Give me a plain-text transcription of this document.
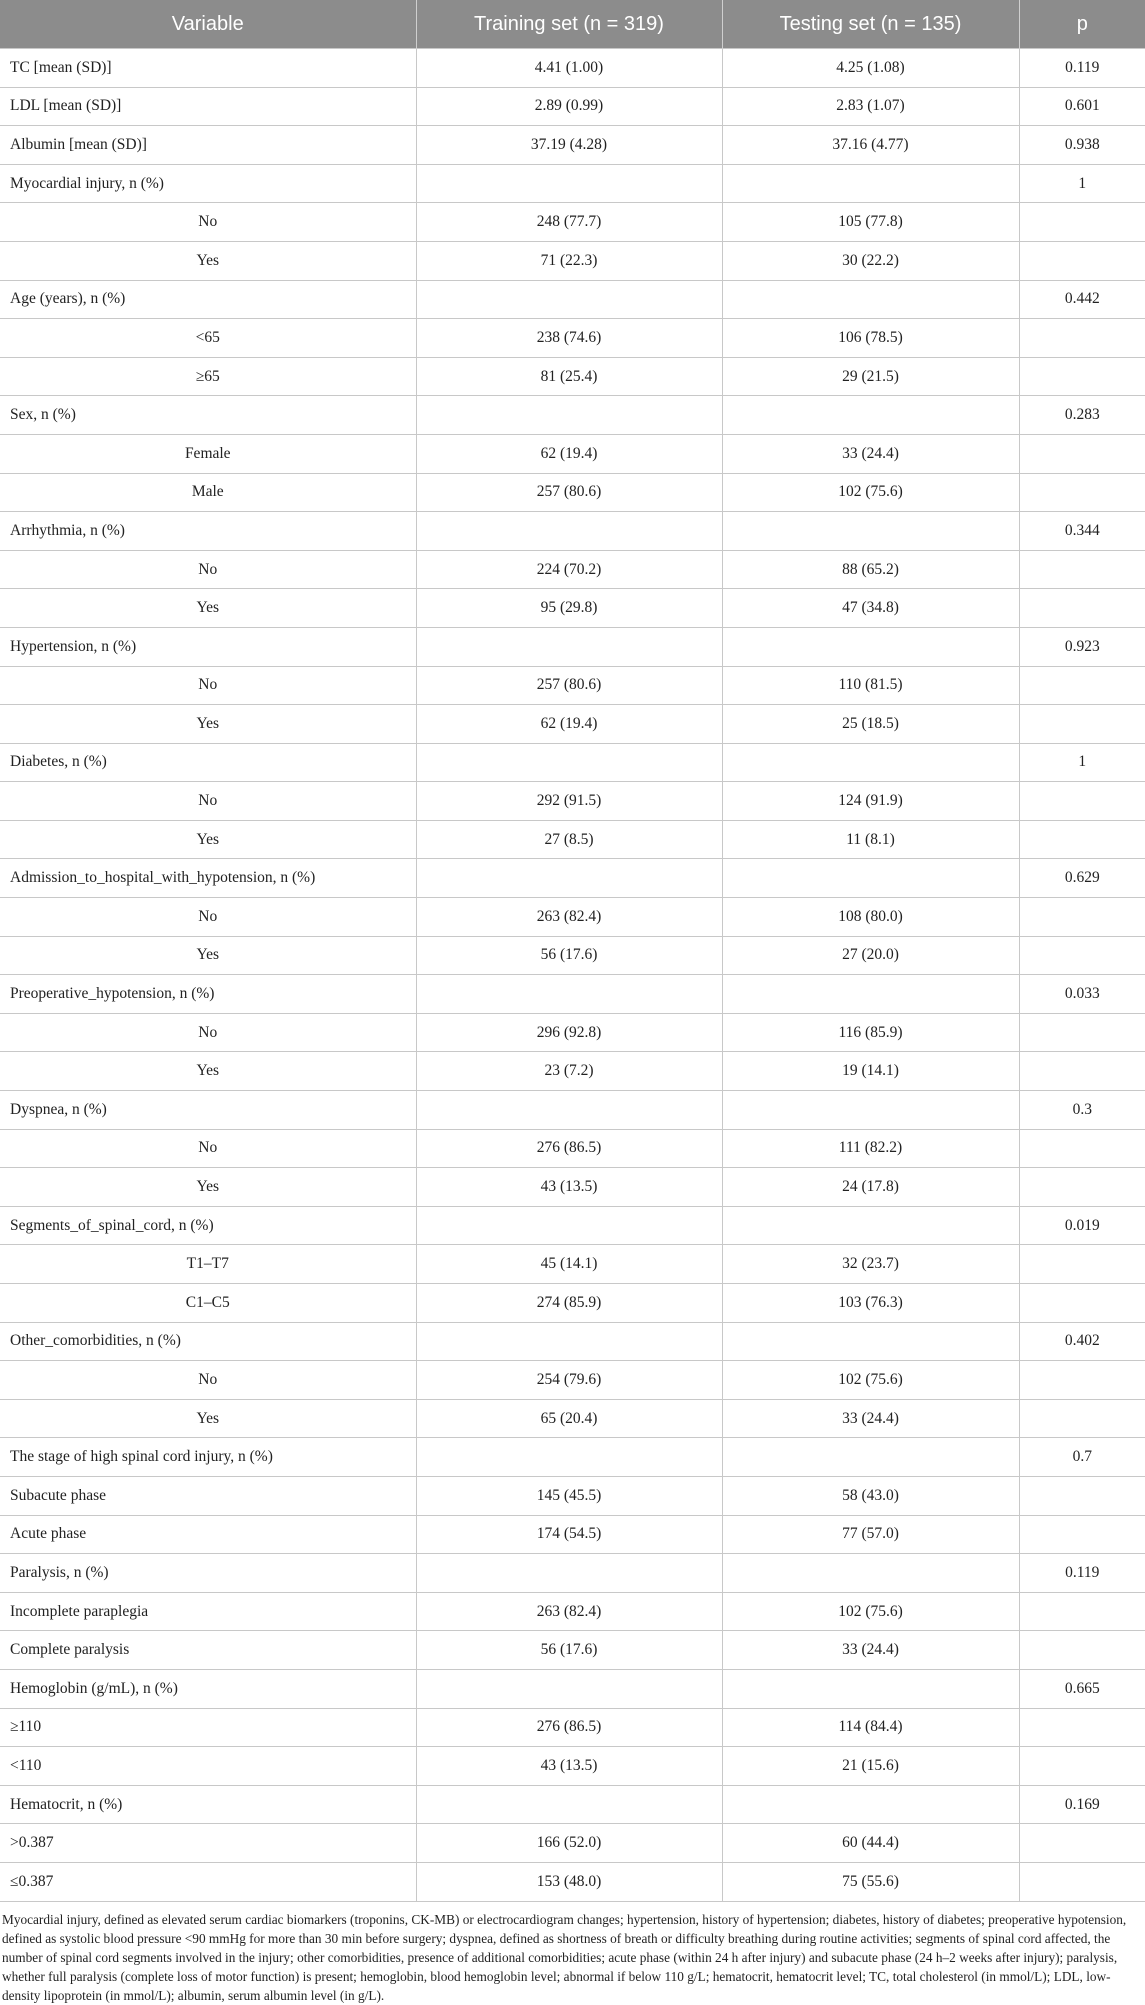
Variable	Training set (n = 319)	Testing set (n = 135)	p
TC [mean (SD)]	4.41 (1.00)	4.25 (1.08)	0.119
LDL [mean (SD)]	2.89 (0.99)	2.83 (1.07)	0.601
Albumin [mean (SD)]	37.19 (4.28)	37.16 (4.77)	0.938
Myocardial injury, n (%)			1
No	248 (77.7)	105 (77.8)	
Yes	71 (22.3)	30 (22.2)	
Age (years), n (%)			0.442
<65	238 (74.6)	106 (78.5)	
≥65	81 (25.4)	29 (21.5)	
Sex, n (%)			0.283
Female	62 (19.4)	33 (24.4)	
Male	257 (80.6)	102 (75.6)	
Arrhythmia, n (%)			0.344
No	224 (70.2)	88 (65.2)	
Yes	95 (29.8)	47 (34.8)	
Hypertension, n (%)			0.923
No	257 (80.6)	110 (81.5)	
Yes	62 (19.4)	25 (18.5)	
Diabetes, n (%)			1
No	292 (91.5)	124 (91.9)	
Yes	27 (8.5)	11 (8.1)	
Admission_to_hospital_with_hypotension, n (%)			0.629
No	263 (82.4)	108 (80.0)	
Yes	56 (17.6)	27 (20.0)	
Preoperative_hypotension, n (%)			0.033
No	296 (92.8)	116 (85.9)	
Yes	23 (7.2)	19 (14.1)	
Dyspnea, n (%)			0.3
No	276 (86.5)	111 (82.2)	
Yes	43 (13.5)	24 (17.8)	
Segments_of_spinal_cord, n (%)			0.019
T1–T7	45 (14.1)	32 (23.7)	
C1–C5	274 (85.9)	103 (76.3)	
Other_comorbidities, n (%)			0.402
No	254 (79.6)	102 (75.6)	
Yes	65 (20.4)	33 (24.4)	
The stage of high spinal cord injury, n (%)			0.7
Subacute phase	145 (45.5)	58 (43.0)	
Acute phase	174 (54.5)	77 (57.0)	
Paralysis, n (%)			0.119
Incomplete paraplegia	263 (82.4)	102 (75.6)	
Complete paralysis	56 (17.6)	33 (24.4)	
Hemoglobin (g/mL), n (%)			0.665
≥110	276 (86.5)	114 (84.4)	
<110	43 (13.5)	21 (15.6)	
Hematocrit, n (%)			0.169
>0.387	166 (52.0)	60 (44.4)	
≤0.387	153 (48.0)	75 (55.6)	
Myocardial injury, defined as elevated serum cardiac biomarkers (troponins, CK-MB) or electrocardiogram changes; hypertension, history of hypertension; diabetes, history of diabetes; preoperative hypotension, defined as systolic blood pressure <90 mmHg for more than 30 min before surgery; dyspnea, defined as shortness of breath or difficulty breathing during routine activities; segments of spinal cord affected, the number of spinal cord segments involved in the injury; other comorbidities, presence of additional comorbidities; acute phase (within 24 h after injury) and subacute phase (24 h–2 weeks after injury); paralysis, whether full paralysis (complete loss of motor function) is present; hemoglobin, blood hemoglobin level; abnormal if below 110 g/L; hematocrit, hematocrit level; TC, total cholesterol (in mmol/L); LDL, low-density lipoprotein (in mmol/L); albumin, serum albumin level (in g/L).
